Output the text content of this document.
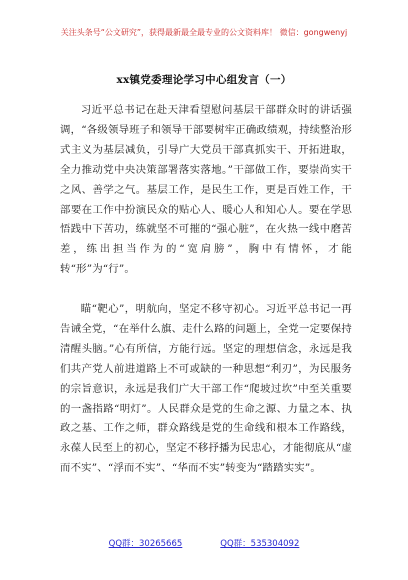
关注头条号“公文研究”，获得最新最全最专业的公文资料库！ 微信：gongwenyj
xx镇党委理论学习中心组发言（一）

习近平总书记在赴天津看望慰问基层干部群众时的讲话强调，“各级领导班子和领导干部要树牢正确政绩观，持续整治形式主义为基层减负，引导广大党员干部真抓实干、开拓进取，全力推动党中央决策部署落实落地。”干部做工作，要崇尚实干之风、善学之气。基层工作，是民生工作，更是百姓工作，干部要在工作中扮演民众的贴心人、暖心人和知心人。要在学思悟践中下苦功，练就坚不可摧的“强心脏”，在火热一线中磨苦差，练出担当作为的“宽肩膀”，胸中有情怀，才能转“形”为“行”。

瞄“靶心”，明航向，坚定不移守初心。习近平总书记一再告诫全党，“在举什么旗、走什么路的问题上，全党一定要保持清醒头脑。”心有所信，方能行远。坚定的理想信念，永远是我们共产党人前进道路上不可或缺的一种思想“利刃”，为民服务的宗旨意识，永远是我们广大干部工作“爬坡过坎”中至关重要的一盏指路“明灯”。人民群众是党的生命之源、力量之本、执政之基、工作之师，群众路线是党的生命线和根本工作路线，永葆人民至上的初心，坚定不移抒播为民忠心，才能彻底从“虚而不实”、“浮而不实”、“华而不实”转变为“踏踏实实”。

QQ群：30265665	QQ群：535304092
